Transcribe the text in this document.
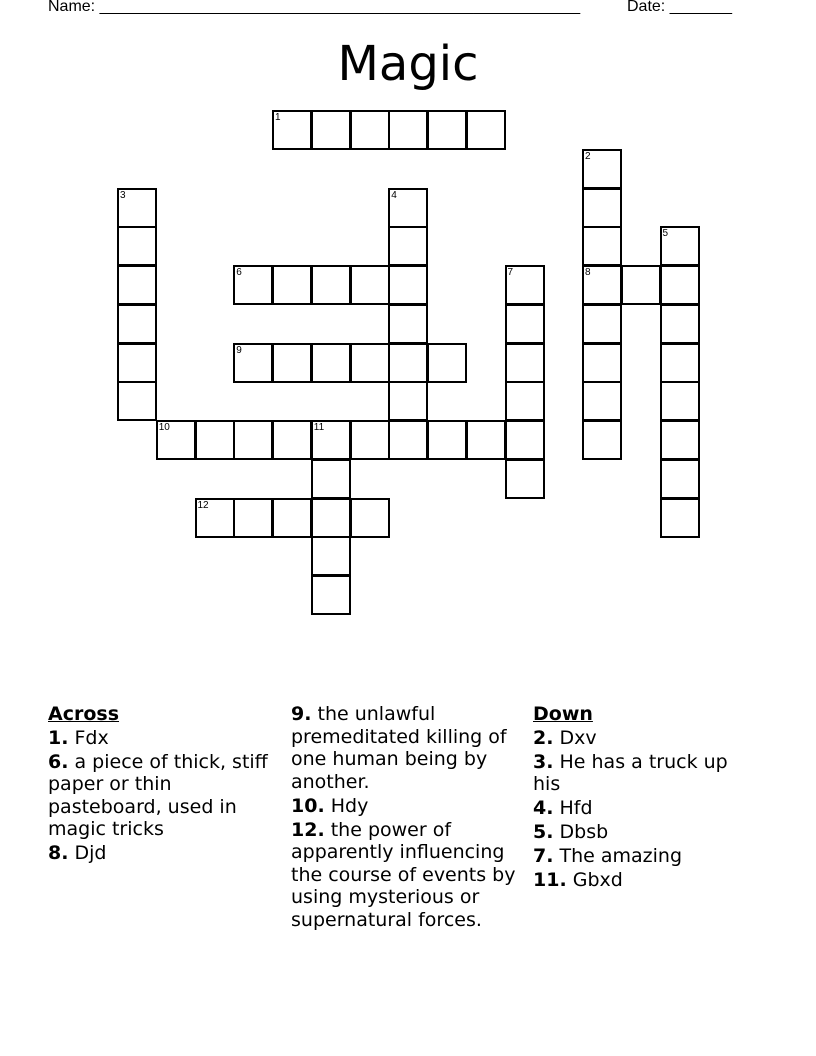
Name: ______________________________________________________	Date: _______
Magic
1
2
8
3	4
5
6	7
9
10	11
12
Across
1. Fdx
6. a piece of thick, stiff paper or thin pasteboard, used in magic tricks
8. Djd
9. the unlawful premeditated killing of one human being by another.
10. Hdy
12. the power of apparently influencing the course of events by using mysterious or supernatural forces.
Down
2. Dxv
3. He has a truck up his
4. Hfd
5. Dbsb
7. The amazing
11. Gbxd
